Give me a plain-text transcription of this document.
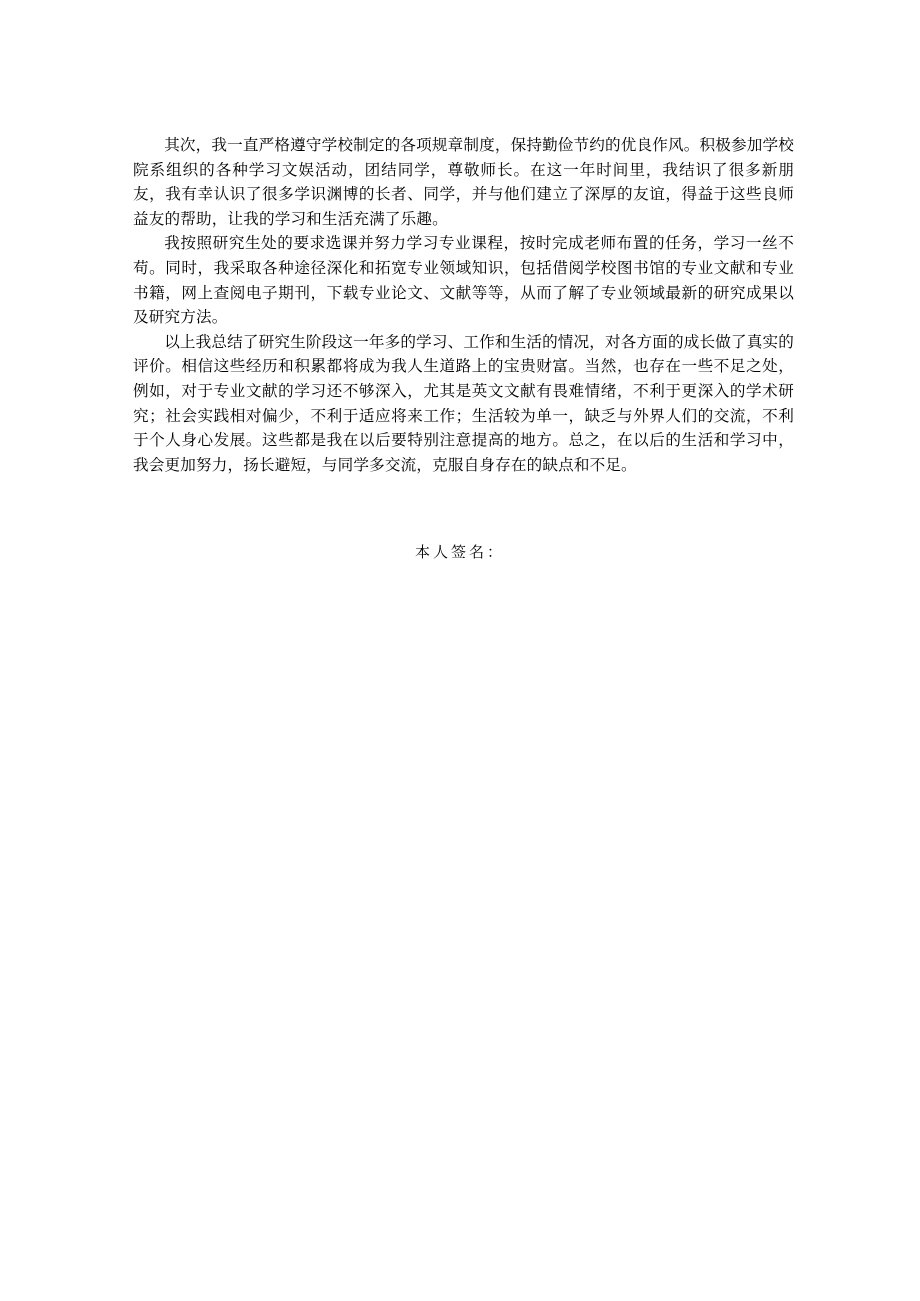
其次，我一直严格遵守学校制定的各项规章制度，保持勤俭节约的优良作风。积极参加学校院系组织的各种学习文娱活动，团结同学，尊敬师长。在这一年时间里，我结识了很多新朋友，我有幸认识了很多学识渊博的长者、同学，并与他们建立了深厚的友谊，得益于这些良师益友的帮助，让我的学习和生活充满了乐趣。

我按照研究生处的要求选课并努力学习专业课程，按时完成老师布置的任务，学习一丝不苟。同时，我采取各种途径深化和拓宽专业领域知识，包括借阅学校图书馆的专业文献和专业书籍，网上查阅电子期刊，下载专业论文、文献等等，从而了解了专业领域最新的研究成果以及研究方法。

以上我总结了研究生阶段这一年多的学习、工作和生活的情况，对各方面的成长做了真实的评价。相信这些经历和积累都将成为我人生道路上的宝贵财富。当然，也存在一些不足之处，例如，对于专业文献的学习还不够深入，尤其是英文文献有畏难情绪，不利于更深入的学术研究；社会实践相对偏少，不利于适应将来工作；生活较为单一，缺乏与外界人们的交流，不利于个人身心发展。这些都是我在以后要特别注意提高的地方。总之，在以后的生活和学习中，我会更加努力，扬长避短，与同学多交流，克服自身存在的缺点和不足。

本人签名：
